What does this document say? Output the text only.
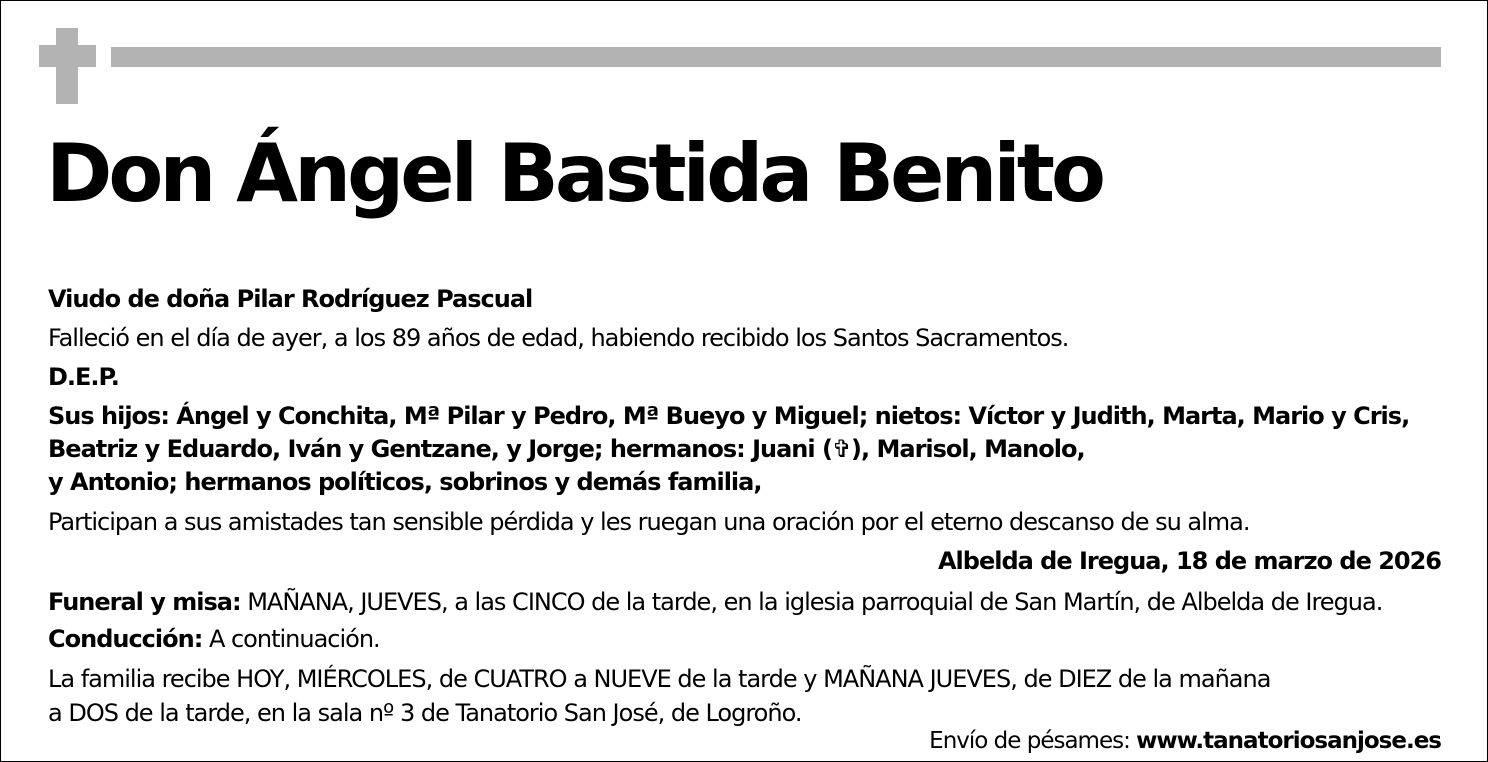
Don Ángel Bastida Benito
Viudo de doña Pilar Rodríguez Pascual
Falleció en el día de ayer, a los 89 años de edad, habiendo recibido los Santos Sacramentos.
D.E.P.
Sus hijos: Ángel y Conchita, Mª Pilar y Pedro, Mª Bueyo y Miguel; nietos: Víctor y Judith, Marta, Mario y Cris,
Beatriz y Eduardo, Iván y Gentzane, y Jorge; hermanos: Juani (✞), Marisol, Manolo,
y Antonio; hermanos políticos, sobrinos y demás familia,
Participan a sus amistades tan sensible pérdida y les ruegan una oración por el eterno descanso de su alma.
Albelda de Iregua, 18 de marzo de 2026
Funeral y misa: MAÑANA, JUEVES, a las CINCO de la tarde, en la iglesia parroquial de San Martín, de Albelda de Iregua.
Conducción: A continuación.
La familia recibe HOY, MIÉRCOLES, de CUATRO a NUEVE de la tarde y MAÑANA JUEVES, de DIEZ de la mañana
a DOS de la tarde, en la sala nº 3 de Tanatorio San José, de Logroño.
Envío de pésames: www.tanatoriosanjose.es
